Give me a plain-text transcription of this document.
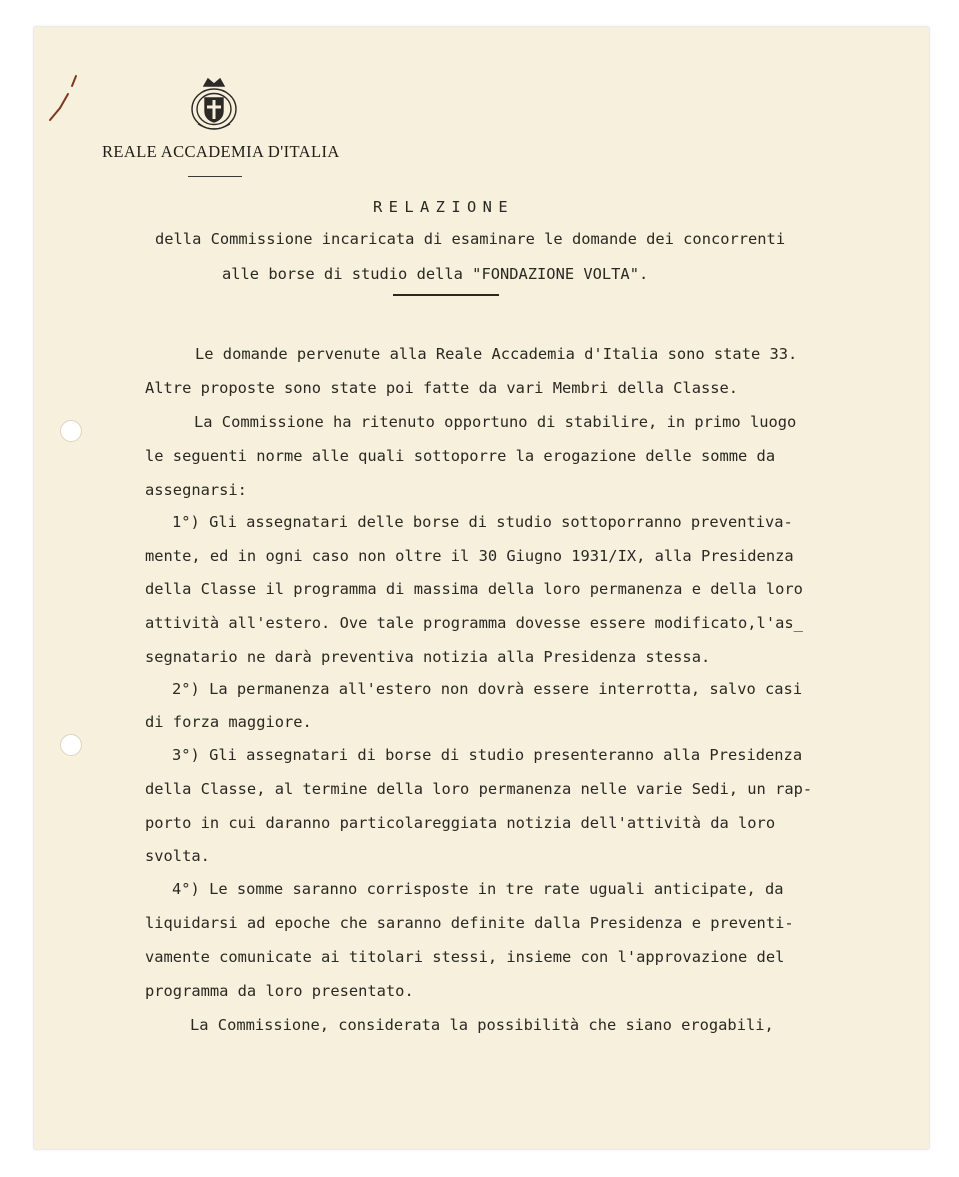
REALE ACCADEMIA D'ITALIA

RELAZIONE

della Commissione incaricata di esaminare le domande dei concorrenti

alle borse di studio della "FONDAZIONE VOLTA".

Le domande pervenute alla Reale Accademia d'Italia sono state 33.

Altre proposte sono state poi fatte da vari Membri della Classe.

La Commissione ha ritenuto opportuno di stabilire, in primo luogo

le seguenti norme alle quali sottoporre la erogazione delle somme da

assegnarsi:

1°) Gli assegnatari delle borse di studio sottoporranno preventiva-

mente, ed in ogni caso non oltre il 30 Giugno 1931/IX, alla Presidenza

della Classe il programma di massima della loro permanenza e della loro

attività all'estero. Ove tale programma dovesse essere modificato,l'as_

segnatario ne darà preventiva notizia alla Presidenza stessa.

2°) La permanenza all'estero non dovrà essere interrotta, salvo casi

di forza maggiore.

3°) Gli assegnatari di borse di studio presenteranno alla Presidenza

della Classe, al termine della loro permanenza nelle varie Sedi, un rap-

porto in cui daranno particolareggiata notizia dell'attività da loro

svolta.

4°) Le somme saranno corrisposte in tre rate uguali anticipate, da

liquidarsi ad epoche che saranno definite dalla Presidenza e preventi-

vamente comunicate ai titolari stessi, insieme con l'approvazione del

programma da loro presentato.

La Commissione, considerata la possibilità che siano erogabili,
